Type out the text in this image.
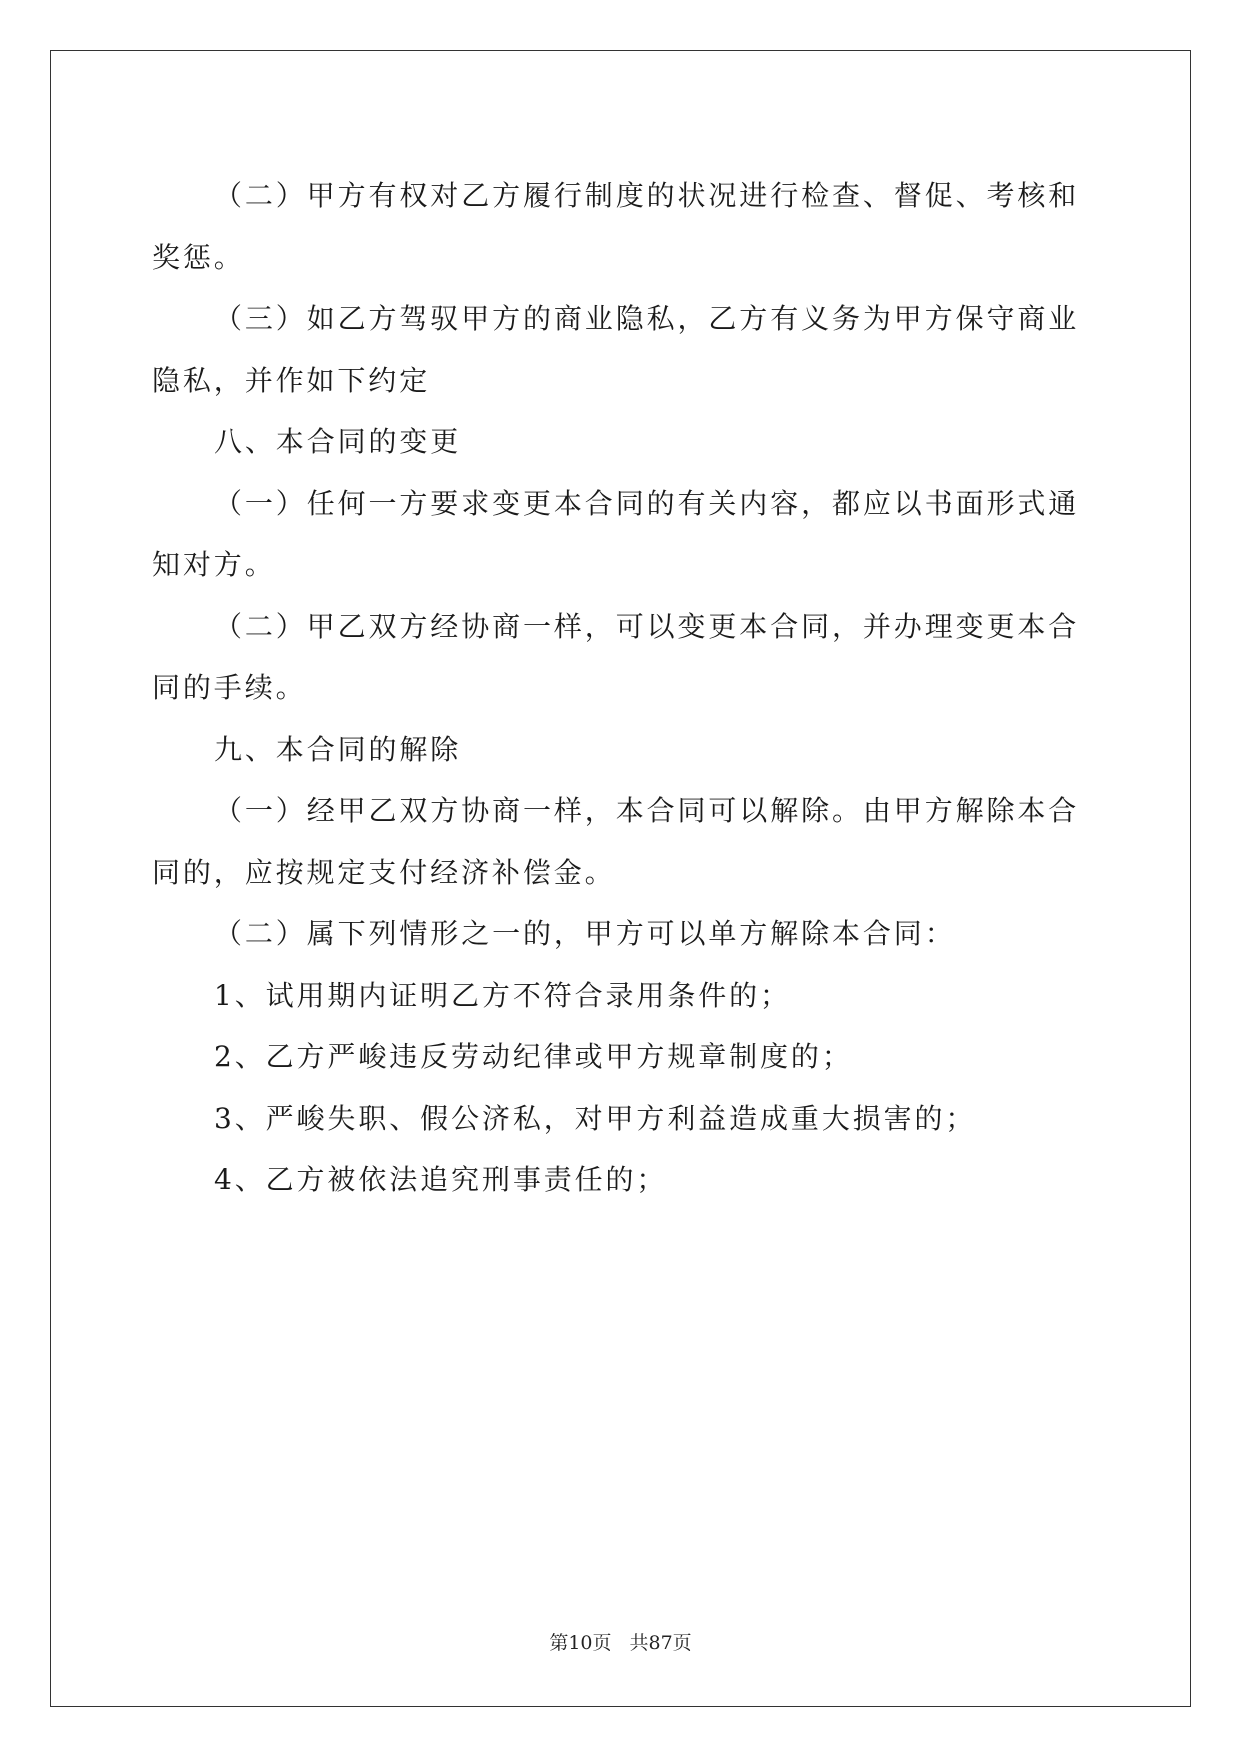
（二）甲方有权对乙方履行制度的状况进行检查、督促、考核和奖惩。

（三）如乙方驾驭甲方的商业隐私，乙方有义务为甲方保守商业隐私，并作如下约定

八、本合同的变更

（一）任何一方要求变更本合同的有关内容，都应以书面形式通知对方。

（二）甲乙双方经协商一样，可以变更本合同，并办理变更本合同的手续。

九、本合同的解除

（一）经甲乙双方协商一样，本合同可以解除。由甲方解除本合同的，应按规定支付经济补偿金。

（二）属下列情形之一的，甲方可以单方解除本合同：

1、试用期内证明乙方不符合录用条件的；

2、乙方严峻违反劳动纪律或甲方规章制度的；

3、严峻失职、假公济私，对甲方利益造成重大损害的；

4、乙方被依法追究刑事责任的；

第10页 共87页
